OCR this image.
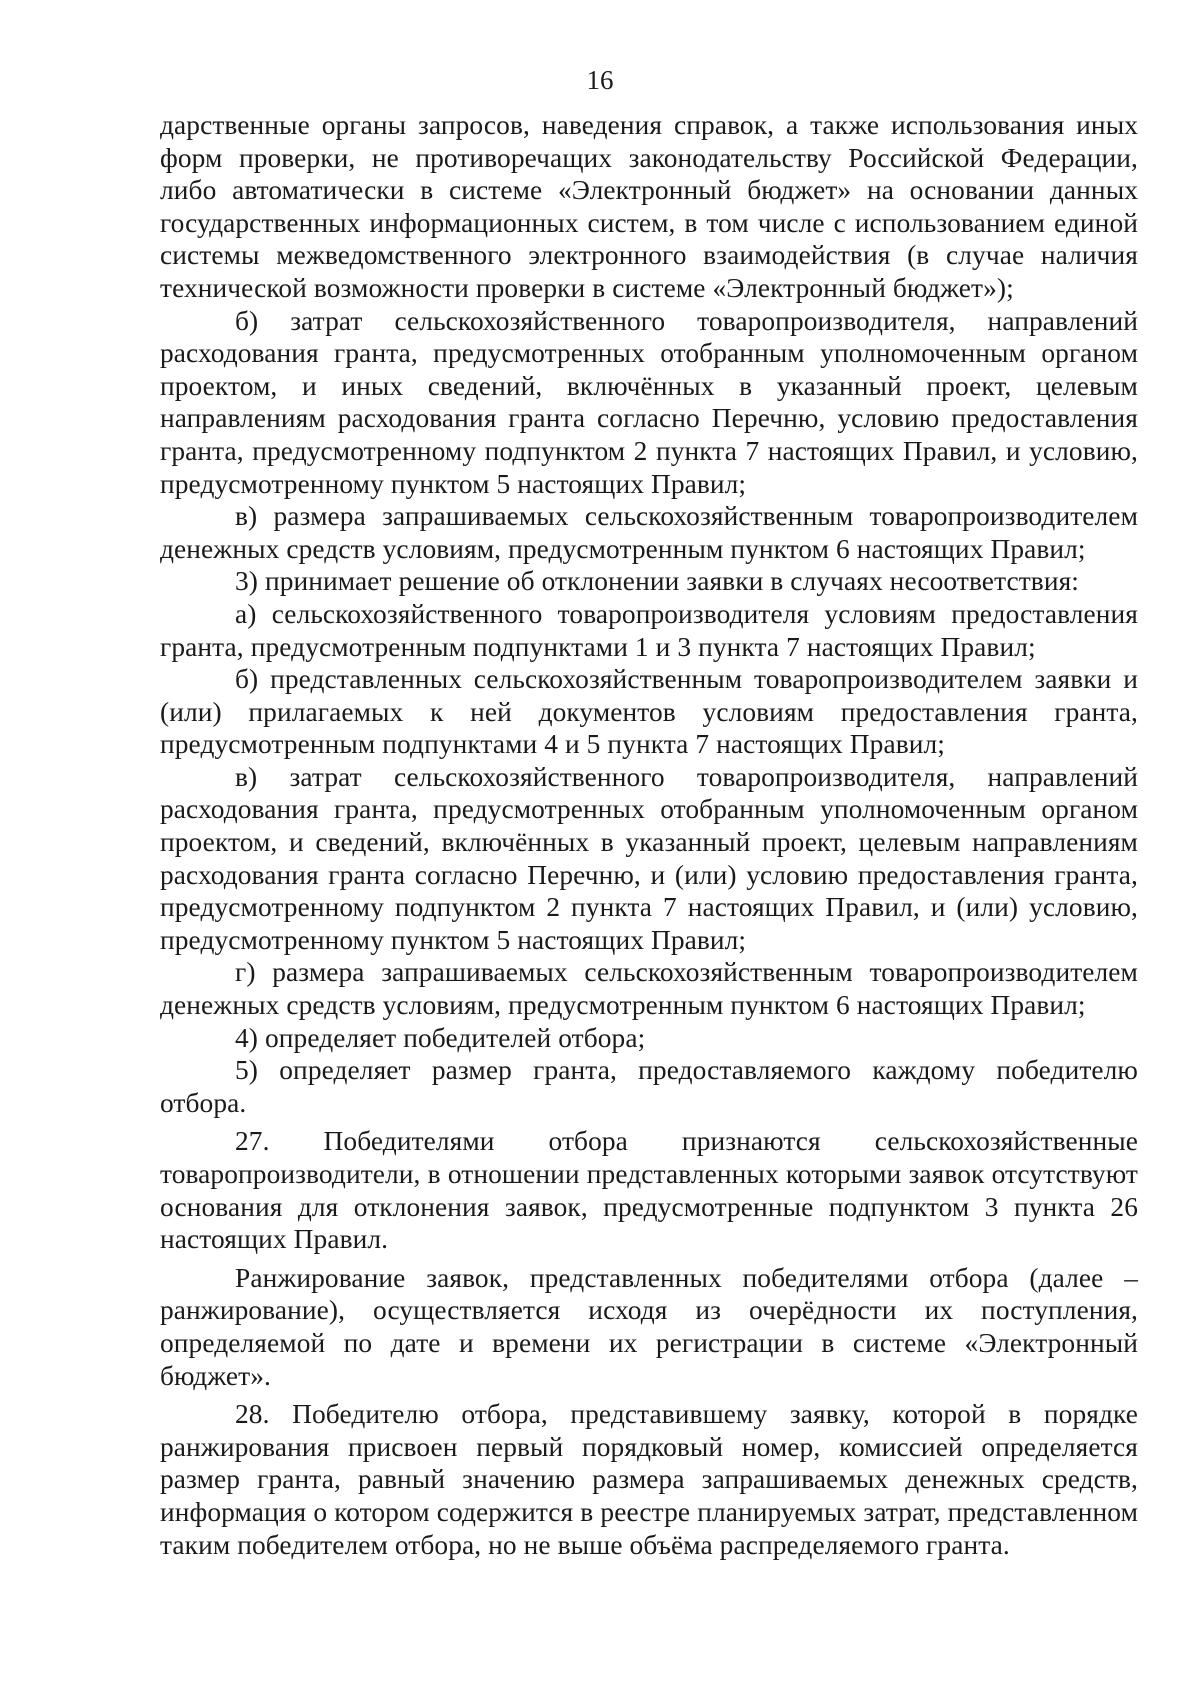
16

дарственные органы запросов, наведения справок, а также использования иных форм проверки, не противоречащих законодательству Российской Федерации, либо автоматически в системе «Электронный бюджет» на основании данных государственных информационных систем, в том числе с использованием единой системы межведомственного электронного взаимодействия (в случае наличия технической возможности проверки в системе «Электронный бюджет»);

б) затрат сельскохозяйственного товаропроизводителя, направлений расходования гранта, предусмотренных отобранным уполномоченным органом проектом, и иных сведений, включённых в указанный проект, целевым направлениям расходования гранта согласно Перечню, условию предоставления гранта, предусмотренному подпунктом 2 пункта 7 настоящих Правил, и условию, предусмотренному пунктом 5 настоящих Правил;

в) размера запрашиваемых сельскохозяйственным товаропроизводителем денежных средств условиям, предусмотренным пунктом 6 настоящих Правил;

3) принимает решение об отклонении заявки в случаях несоответствия:

а) сельскохозяйственного товаропроизводителя условиям предоставления гранта, предусмотренным подпунктами 1 и 3 пункта 7 настоящих Правил;

б) представленных сельскохозяйственным товаропроизводителем заявки и (или) прилагаемых к ней документов условиям предоставления гранта, предусмотренным подпунктами 4 и 5 пункта 7 настоящих Правил;

в) затрат сельскохозяйственного товаропроизводителя, направлений расходования гранта, предусмотренных отобранным уполномоченным органом проектом, и сведений, включённых в указанный проект, целевым направлениям расходования гранта согласно Перечню, и (или) условию предоставления гранта, предусмотренному подпунктом 2 пункта 7 настоящих Правил, и (или) условию, предусмотренному пунктом 5 настоящих Правил;

г) размера запрашиваемых сельскохозяйственным товаропроизводителем денежных средств условиям, предусмотренным пунктом 6 настоящих Правил;

4) определяет победителей отбора;

5) определяет размер гранта, предоставляемого каждому победителю отбора.

27. Победителями отбора признаются сельскохозяйственные товаропроизводители, в отношении представленных которыми заявок отсутствуют основания для отклонения заявок, предусмотренные подпунктом 3 пункта 26 настоящих Правил.

Ранжирование заявок, представленных победителями отбора (далее – ранжирование), осуществляется исходя из очерёдности их поступления, определяемой по дате и времени их регистрации в системе «Электронный бюджет».

28. Победителю отбора, представившему заявку, которой в порядке ранжирования присвоен первый порядковый номер, комиссией определяется размер гранта, равный значению размера запрашиваемых денежных средств, информация о котором содержится в реестре планируемых затрат, представленном таким победителем отбора, но не выше объёма распределяемого гранта.
